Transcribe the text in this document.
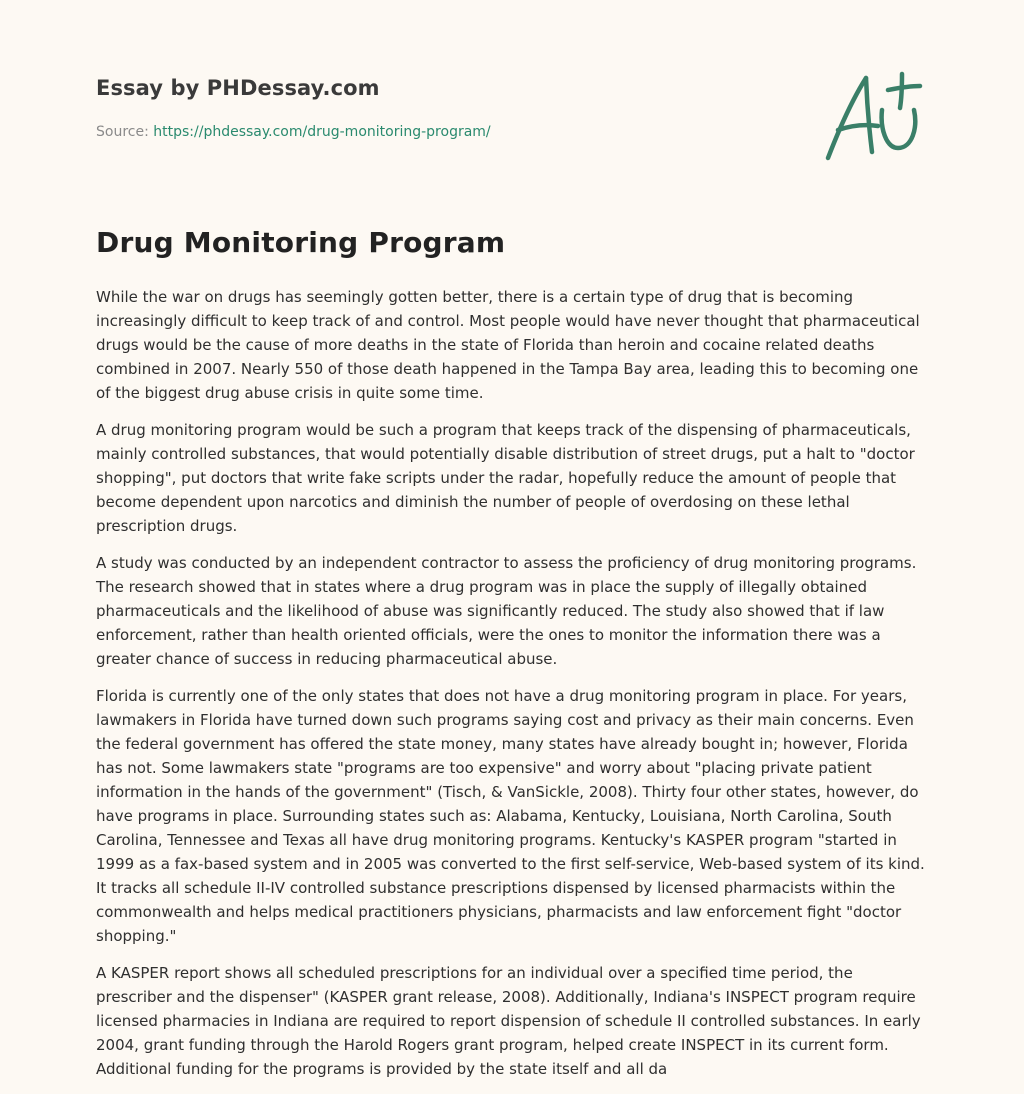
Essay by PHDessay.com
Source: https://phdessay.com/drug-monitoring-program/
Drug Monitoring Program

While the war on drugs has seemingly gotten better, there is a certain type of drug that is becoming increasingly difficult to keep track of and control. Most people would have never thought that pharmaceutical drugs would be the cause of more deaths in the state of Florida than heroin and cocaine related deaths combined in 2007. Nearly 550 of those death happened in the Tampa Bay area, leading this to becoming one of the biggest drug abuse crisis in quite some time.

A drug monitoring program would be such a program that keeps track of the dispensing of pharmaceuticals, mainly controlled substances, that would potentially disable distribution of street drugs, put a halt to "doctor shopping", put doctors that write fake scripts under the radar, hopefully reduce the amount of people that become dependent upon narcotics and diminish the number of people of overdosing on these lethal prescription drugs.

A study was conducted by an independent contractor to assess the proficiency of drug monitoring programs. The research showed that in states where a drug program was in place the supply of illegally obtained pharmaceuticals and the likelihood of abuse was significantly reduced. The study also showed that if law enforcement, rather than health oriented officials, were the ones to monitor the information there was a greater chance of success in reducing pharmaceutical abuse.

Florida is currently one of the only states that does not have a drug monitoring program in place. For years, lawmakers in Florida have turned down such programs saying cost and privacy as their main concerns. Even the federal government has offered the state money, many states have already bought in; however, Florida has not. Some lawmakers state "programs are too expensive" and worry about "placing private patient information in the hands of the government" (Tisch, & VanSickle, 2008). Thirty four other states, however, do have programs in place. Surrounding states such as: Alabama, Kentucky, Louisiana, North Carolina, South Carolina, Tennessee and Texas all have drug monitoring programs. Kentucky's KASPER program "started in 1999 as a fax-based system and in 2005 was converted to the first self-service, Web-based system of its kind. It tracks all schedule II-IV controlled substance prescriptions dispensed by licensed pharmacists within the commonwealth and helps medical practitioners physicians, pharmacists and law enforcement fight "doctor shopping."

A KASPER report shows all scheduled prescriptions for an individual over a specified time period, the prescriber and the dispenser" (KASPER grant release, 2008). Additionally, Indiana's INSPECT program require licensed pharmacies in Indiana are required to report dispension of schedule II controlled substances. In early 2004, grant funding through the Harold Rogers grant program, helped create INSPECT in its current form. Additional funding for the programs is provided by the state itself and all da
